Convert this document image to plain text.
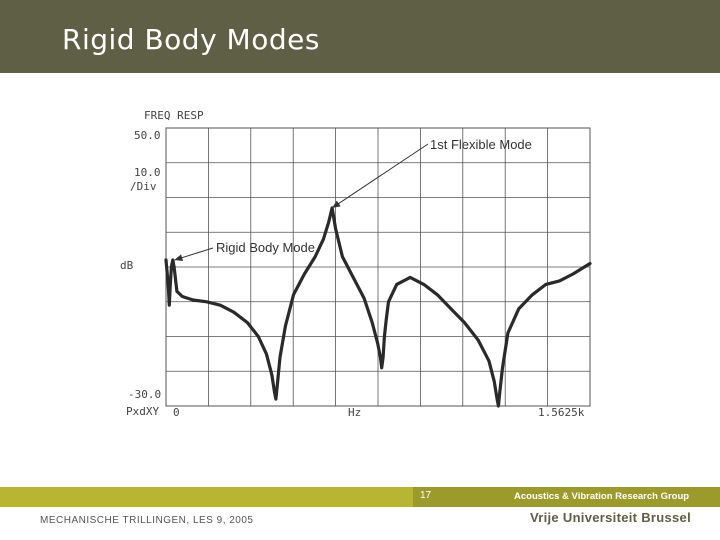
Rigid Body Modes
FREQ RESP
50.0
10.0
/Div
dB
-30.0
PxdXY 0	Hz	1.5625k
Rigid Body Mode
1st Flexible Mode
17	Acoustics & Vibration Research Group
MECHANISCHE TRILLINGEN, LES 9, 2005	Vrije Universiteit Brussel
